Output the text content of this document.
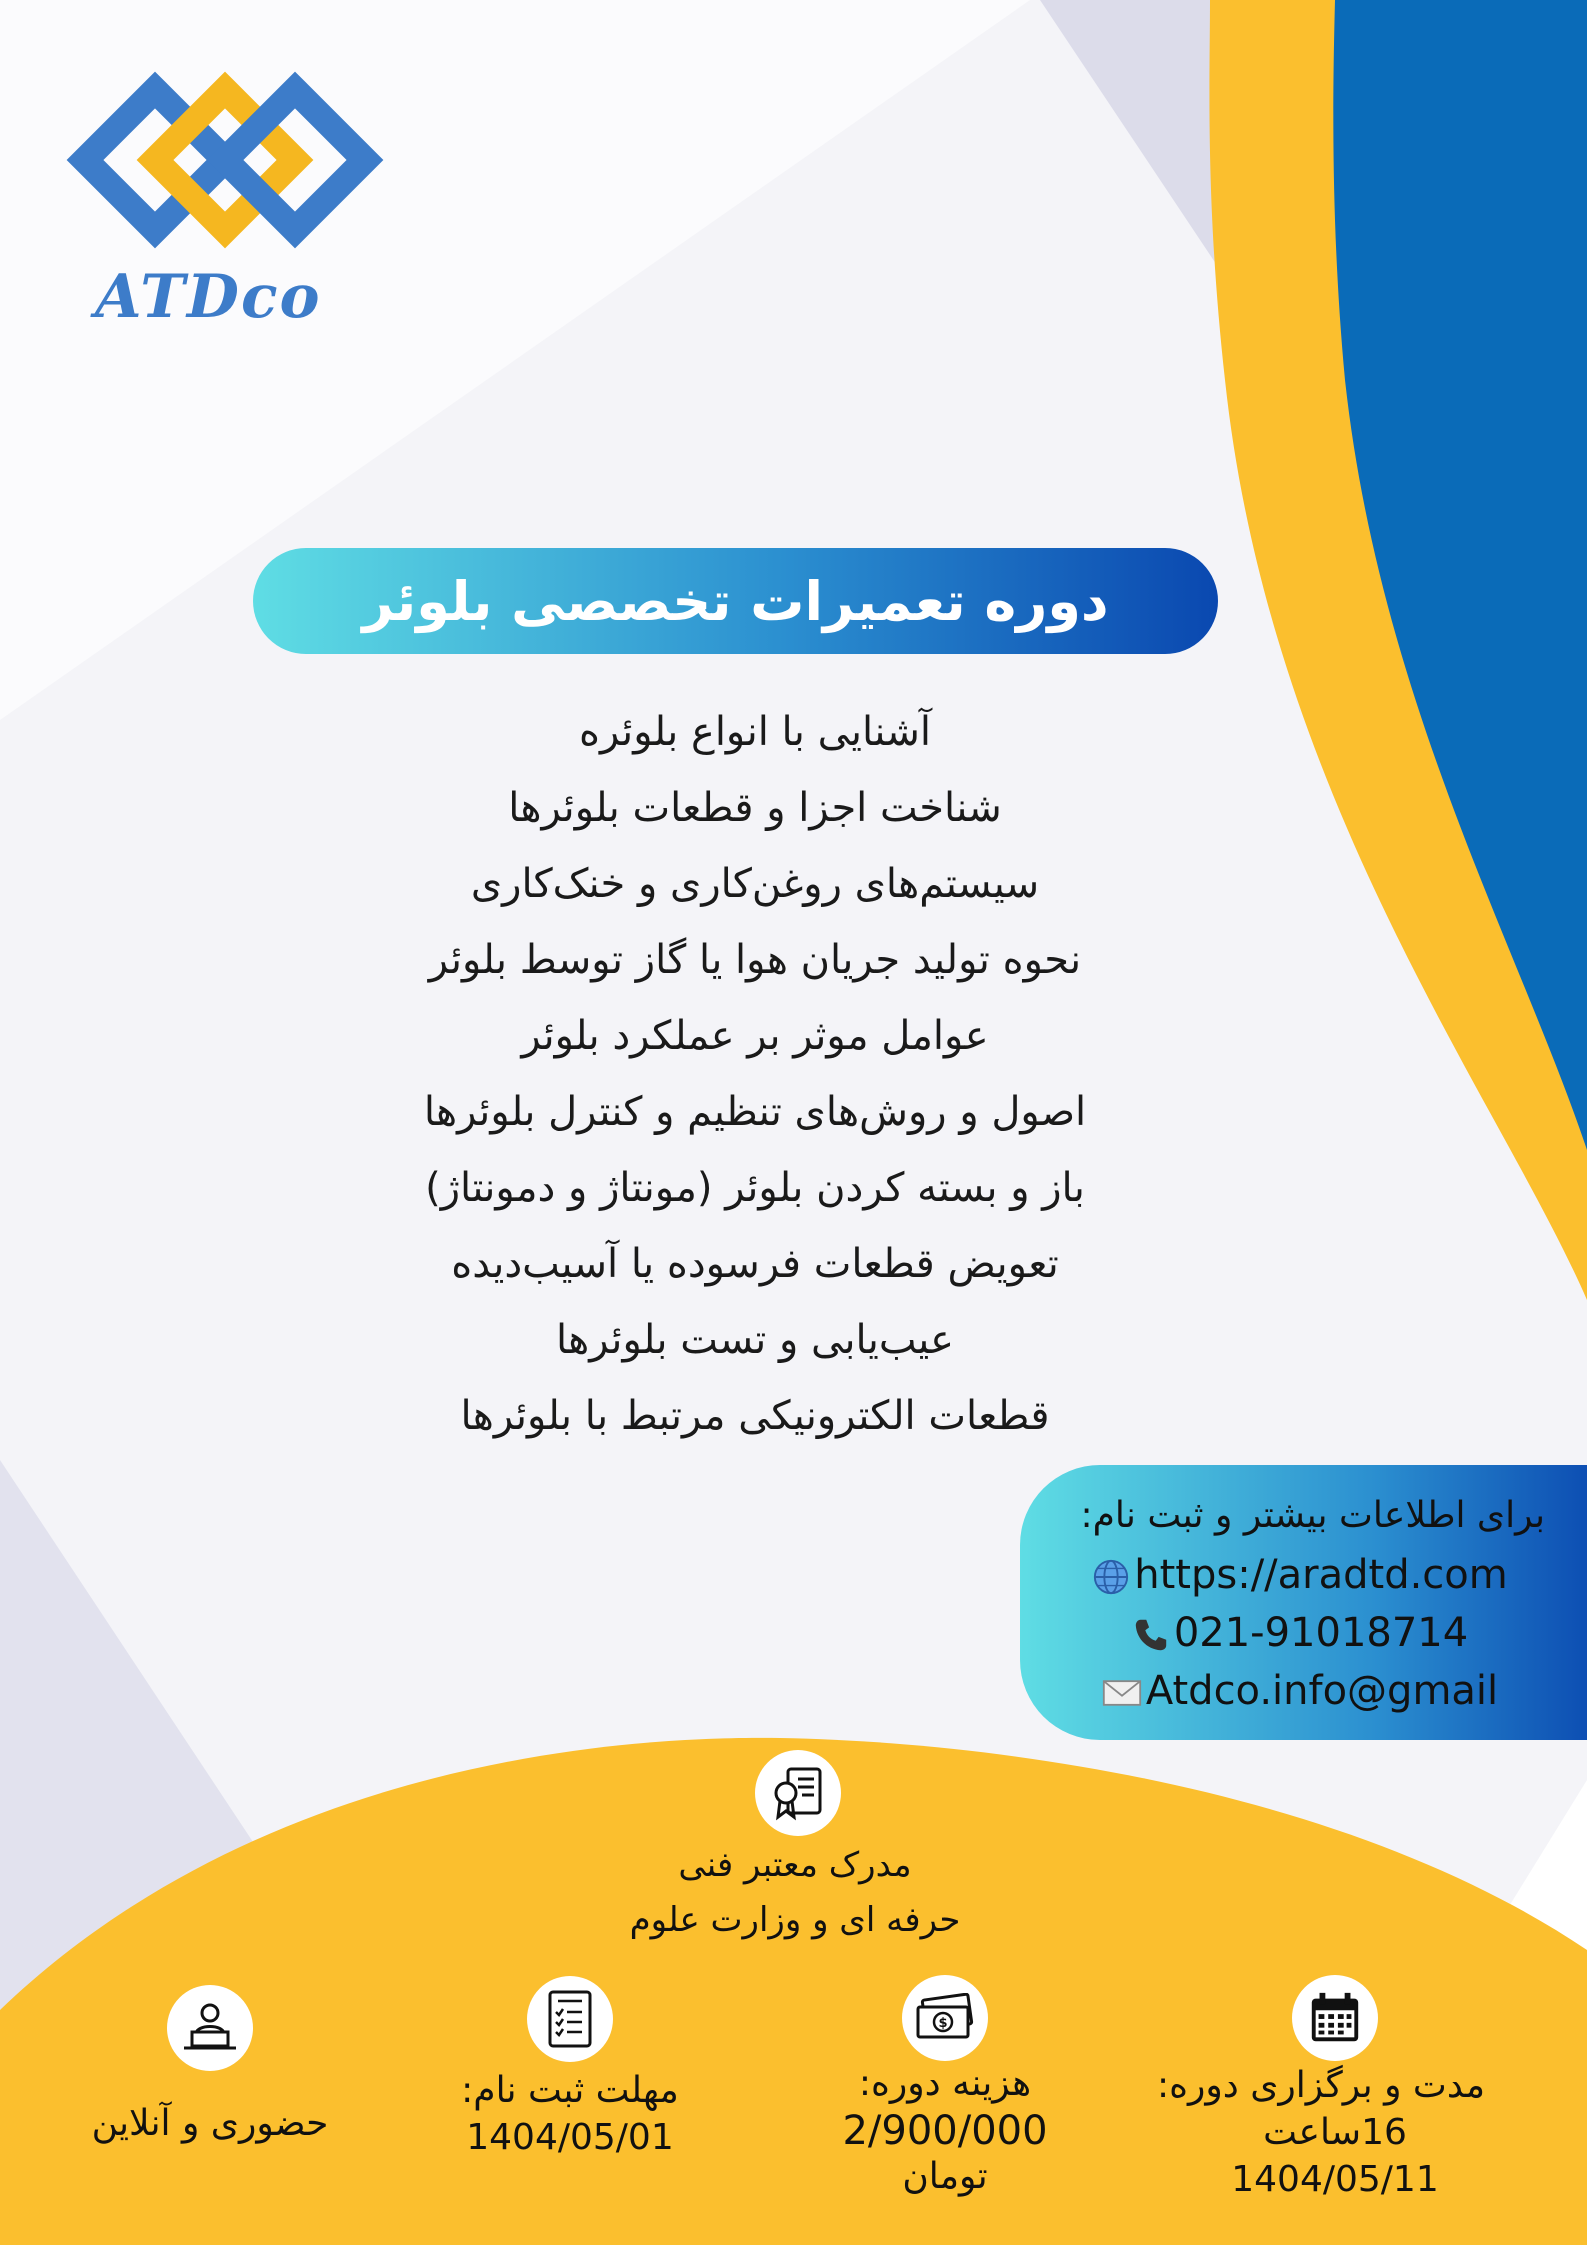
ATDco
دوره تعمیرات تخصصی بلوئر
آشنایی با انواع بلوئره
شناخت اجزا و قطعات بلوئرها
سیستم‌های روغن‌کاری و خنک‌کاری
نحوه تولید جریان هوا یا گاز توسط بلوئر
عوامل موثر بر عملکرد بلوئر
اصول و روش‌های تنظیم و کنترل بلوئرها
باز و بسته کردن بلوئر (مونتاژ و دمونتاژ)
تعویض قطعات فرسوده یا آسیب‌دیده
عیب‌یابی و تست بلوئرها
قطعات الکترونیکی مرتبط با بلوئرها
برای اطلاعات بیشتر و ثبت نام:
https://aradtd.com
021-91018714
Atdco.info@gmail
مدرک معتبر فنی
حرفه ای و وزارت علوم
مدت و برگزاری دوره:
16ساعت
1404/05/11
$
هزینه دوره:
2/900/000
تومان
مهلت ثبت نام:
1404/05/01
حضوری و آنلاین
